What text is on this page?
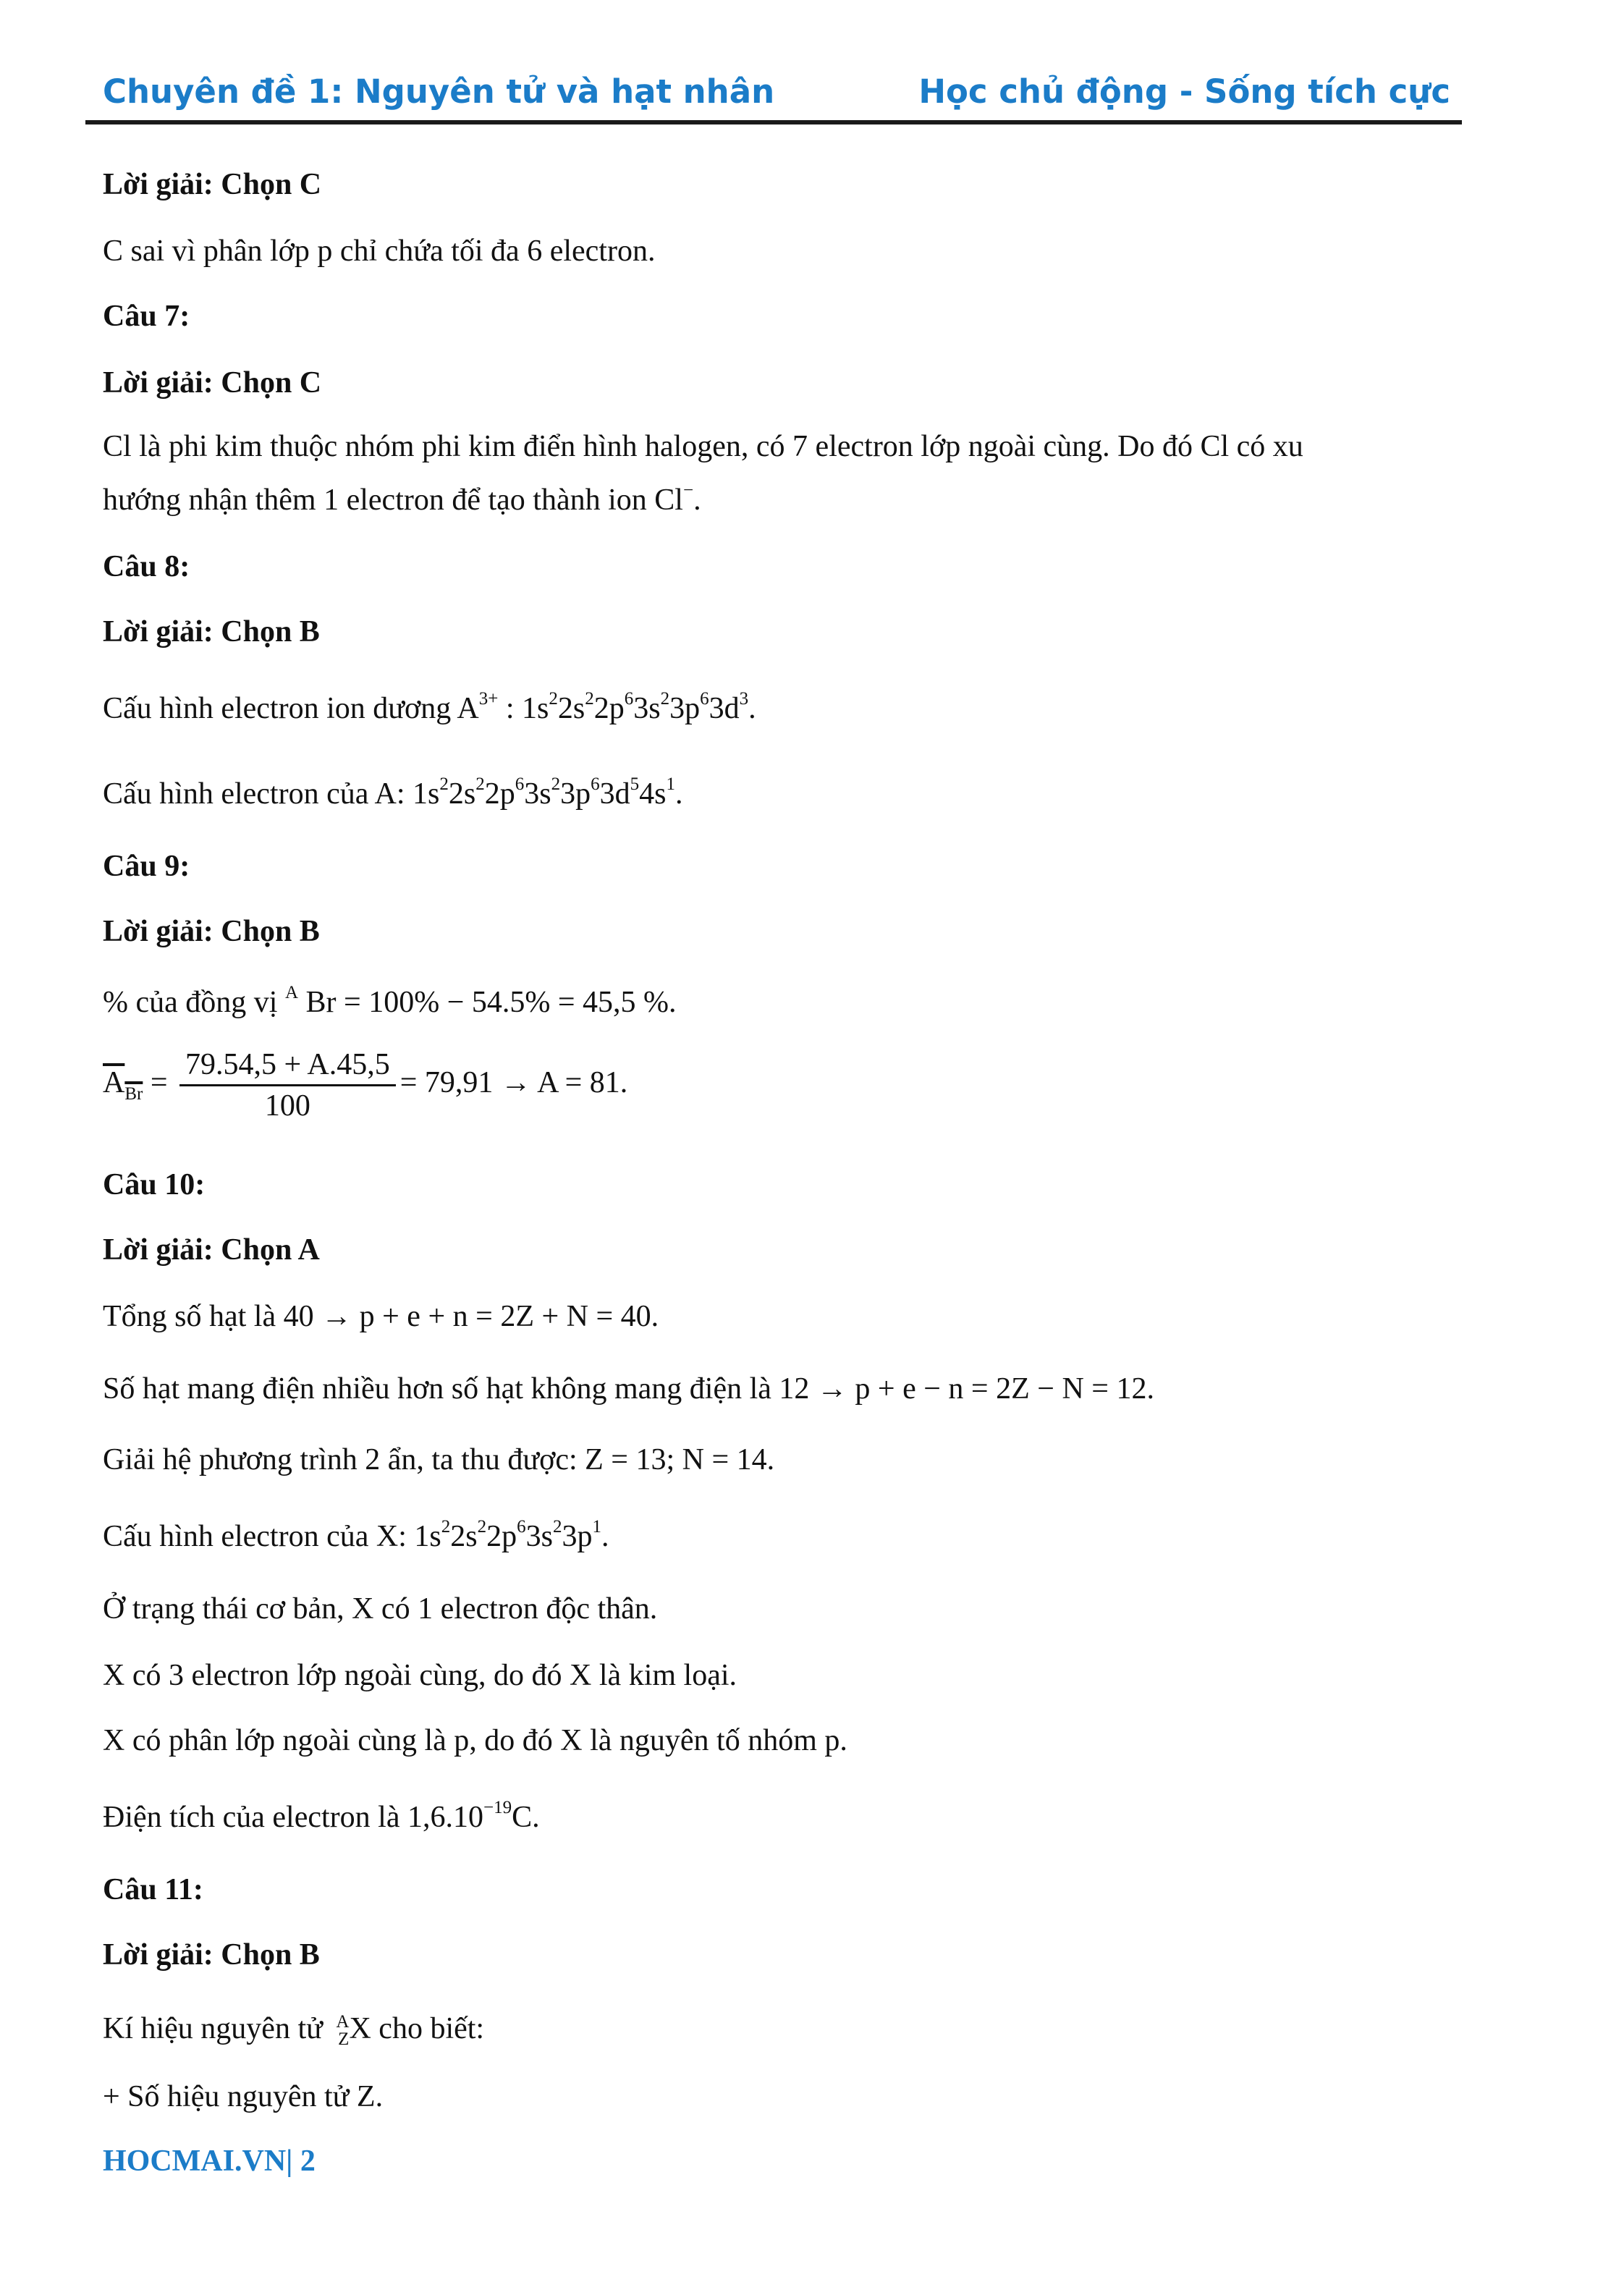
Chuyên đề 1: Nguyên tử và hạt nhân	Học chủ động - Sống tích cực
Lời giải: Chọn C
C sai vì phân lớp p chỉ chứa tối đa 6 electron.
Câu 7:
Lời giải: Chọn C
Cl là phi kim thuộc nhóm phi kim điển hình halogen, có 7 electron lớp ngoài cùng. Do đó Cl có xu
hướng nhận thêm 1 electron để tạo thành ion Cl−.
Câu 8:
Lời giải: Chọn B
Cấu hình electron ion dương $A^{3+}$ : $1s^22s^22p^63s^23p^63d^3$.
Cấu hình electron của A: $1s^22s^22p^63s^23p^63d^54s^1$.
Câu 9:
Lời giải: Chọn B
% của đồng vị $^A$ Br = 100% − 54.5% = 45,5 %.
$A_{Br} = \frac{79.54,5 + A.45,5}{100} = 79,91 \to A = 81$.
Câu 10:
Lời giải: Chọn A
Tổng số hạt là 40 → p + e + n = 2Z + N = 40.
Số hạt mang điện nhiều hơn số hạt không mang điện là 12 → p + e − n = 2Z − N = 12.
Giải hệ phương trình 2 ẩn, ta thu được: Z = 13; N = 14.
Cấu hình electron của X: $1s^22s^22p^63s^23p^1$.
Ở trạng thái cơ bản, X có 1 electron độc thân.
X có 3 electron lớp ngoài cùng, do đó X là kim loại.
X có phân lớp ngoài cùng là p, do đó X là nguyên tố nhóm p.
Điện tích của electron là $1,6.10^{-19}C$.
Câu 11:
Lời giải: Chọn B
Kí hiệu nguyên tử A
Z X cho biết:
+ Số hiệu nguyên tử Z.
HOCMAI.VN| 2
